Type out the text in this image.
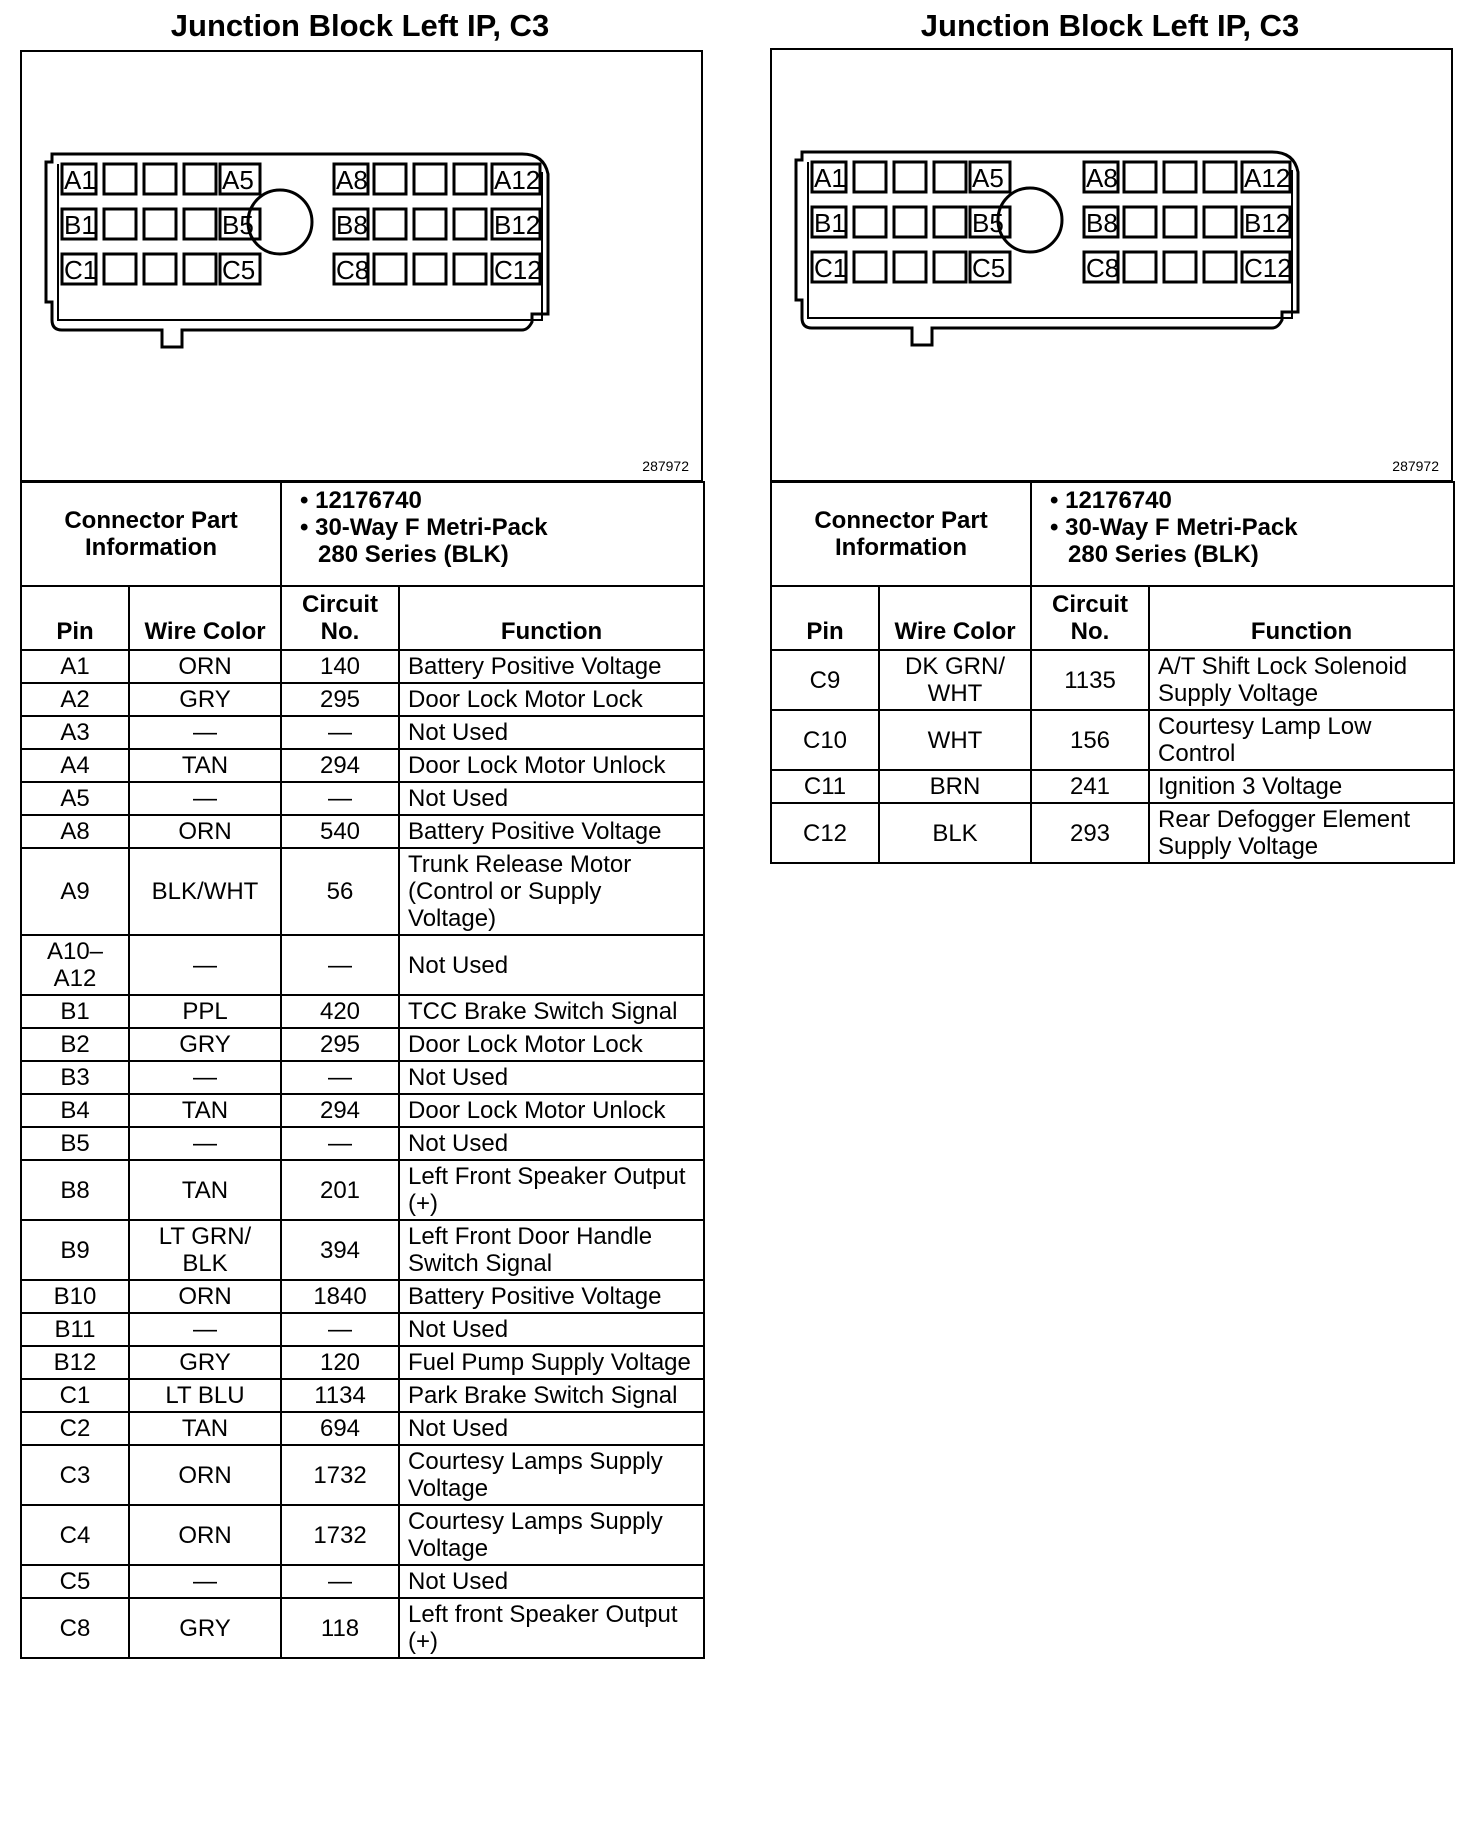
Junction Block Left IP, C3
A1	A5	A8	A12
B1	B5	B8	B12
C1	C5	C8	C12
287972
Connector Part Information		• 12176740
• 30-Way F Metri-Pack
280 Series (BLK)	

Pin	Wire Color	Circuit No.	Function
A1	ORN	140	Battery Positive Voltage
A2	GRY	295	Door Lock Motor Lock
A3	—	—	Not Used
A4	TAN	294	Door Lock Motor Unlock
A5	—	—	Not Used
A8	ORN	540	Battery Positive Voltage
A9	BLK/WHT	56	Trunk Release Motor (Control or Supply Voltage)
A10–A12	—	—	Not Used
B1	PPL	420	TCC Brake Switch Signal
B2	GRY	295	Door Lock Motor Lock
B3	—	—	Not Used
B4	TAN	294	Door Lock Motor Unlock
B5	—	—	Not Used
B8	TAN	201	Left Front Speaker Output (+)
B9	LT GRN/ BLK	394	Left Front Door Handle Switch Signal
B10	ORN	1840	Battery Positive Voltage
B11	—	—	Not Used
B12	GRY	120	Fuel Pump Supply Voltage
C1	LT BLU	1134	Park Brake Switch Signal
C2	TAN	694	Not Used
C3	ORN	1732	Courtesy Lamps Supply Voltage
C4	ORN	1732	Courtesy Lamps Supply Voltage
C5	—	—	Not Used
C8	GRY	118	Left front Speaker Output (+)
Junction Block Left IP, C3
A1	A5	A8	A12
B1	B5	B8	B12
C1	C5	C8	C12
287972
Connector Part Information		• 12176740
• 30-Way F Metri-Pack
280 Series (BLK)	

Pin	Wire Color	Circuit No.	Function
C9	DK GRN/ WHT	1135	A/T Shift Lock Solenoid Supply Voltage
C10	WHT	156	Courtesy Lamp Low Control
C11	BRN	241	Ignition 3 Voltage
C12	BLK	293	Rear Defogger Element Supply Voltage
